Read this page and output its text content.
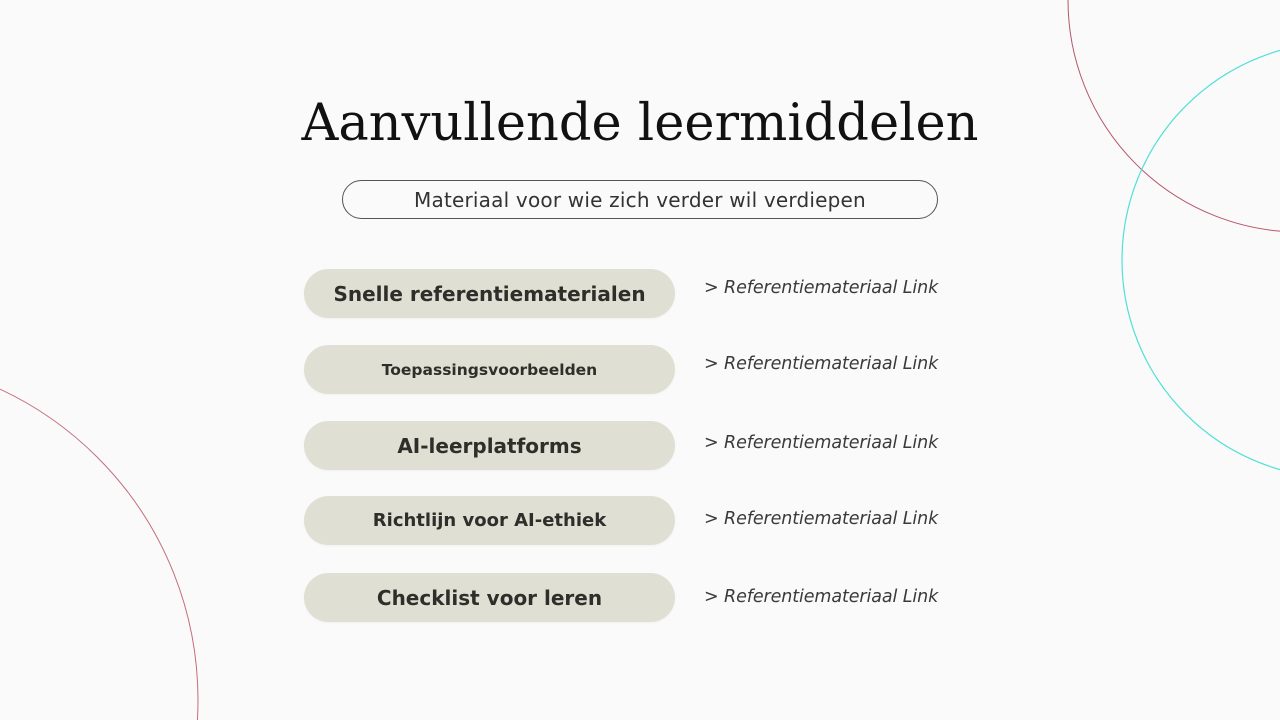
Aanvullende leermiddelen
Materiaal voor wie zich verder wil verdiepen
Snelle referentiematerialen	> Referentiemateriaal Link
Toepassingsvoorbeelden	> Referentiemateriaal Link
AI-leerplatforms	> Referentiemateriaal Link
Richtlijn voor AI-ethiek	> Referentiemateriaal Link
Checklist voor leren	> Referentiemateriaal Link
